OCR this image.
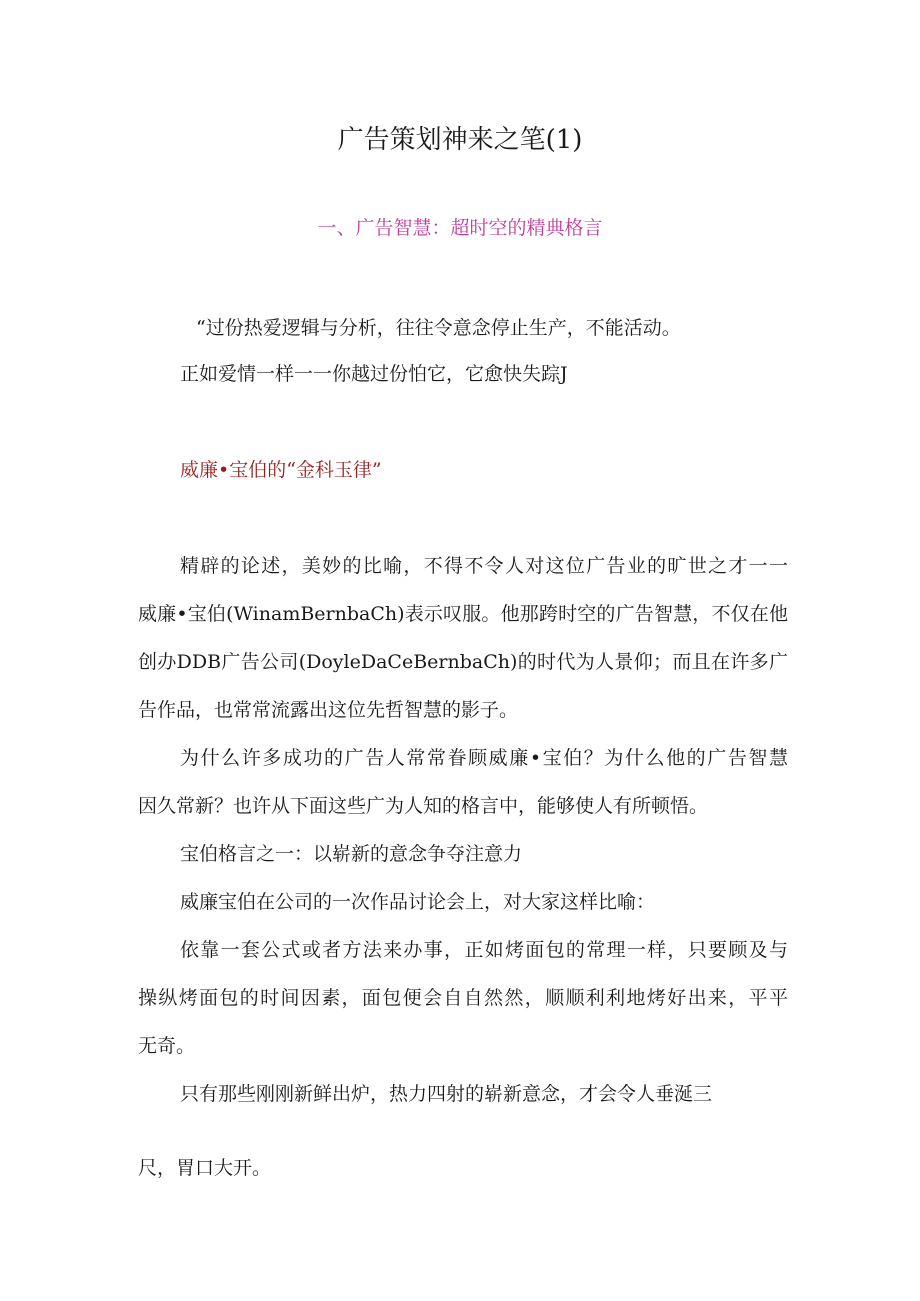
广告策划神来之笔(1)
一、广告智慧：超时空的精典格言
“过份热爱逻辑与分析，往往令意念停止生产，不能活动。
正如爱情一样一一你越过份怕它，它愈快失踪J
威廉•宝伯的“金科玉律”
精辟的论述，美妙的比喻，不得不令人对这位广告业的旷世之才一一
威廉•宝伯(WinamBernbaCh)表示叹服。他那跨时空的广告智慧，不仅在他
创办DDB广告公司(DoyleDaCeBernbaCh)的时代为人景仰；而且在许多广
告作品，也常常流露出这位先哲智慧的影子。
为什么许多成功的广告人常常眷顾威廉•宝伯？为什么他的广告智慧
因久常新？也许从下面这些广为人知的格言中，能够使人有所顿悟。
宝伯格言之一：以崭新的意念争夺注意力
威廉宝伯在公司的一次作品讨论会上，对大家这样比喻：
依靠一套公式或者方法来办事，正如烤面包的常理一样，只要顾及与
操纵烤面包的时间因素，面包便会自自然然，顺顺利利地烤好出来，平平
无奇。
只有那些刚刚新鲜出炉，热力四射的崭新意念，才会令人垂涎三
尺，胃口大开。
